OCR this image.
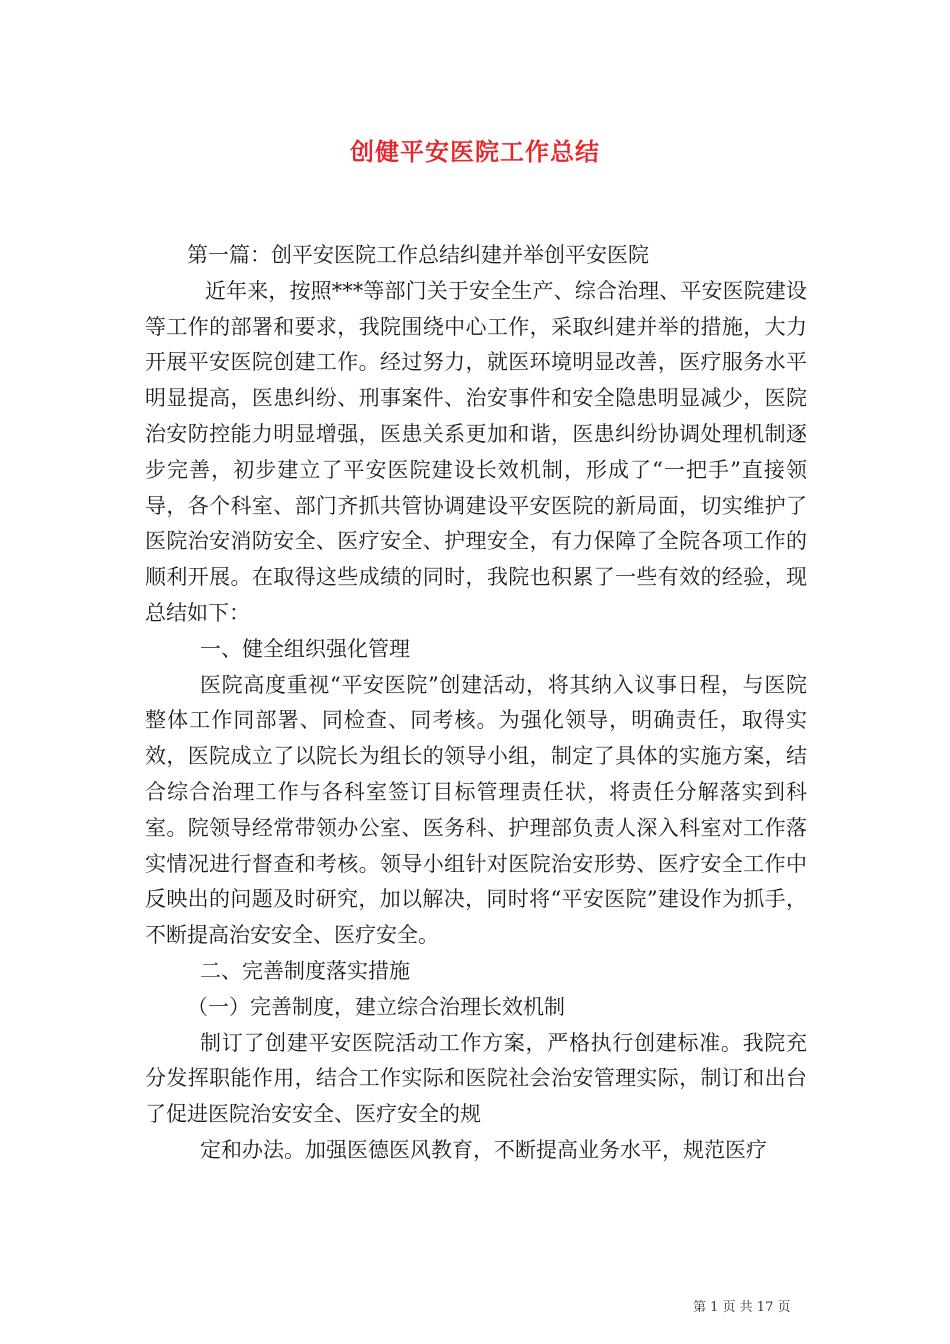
创健平安医院工作总结

第一篇：创平安医院工作总结纠建并举创平安医院

近年来，按照***等部门关于安全生产、综合治理、平安医院建设等工作的部署和要求，我院围绕中心工作，采取纠建并举的措施，大力开展平安医院创建工作。经过努力，就医环境明显改善，医疗服务水平明显提高，医患纠纷、刑事案件、治安事件和安全隐患明显减少，医院治安防控能力明显增强，医患关系更加和谐，医患纠纷协调处理机制逐步完善，初步建立了平安医院建设长效机制，形成了“一把手”直接领导，各个科室、部门齐抓共管协调建设平安医院的新局面，切实维护了医院治安消防安全、医疗安全、护理安全，有力保障了全院各项工作的顺利开展。在取得这些成绩的同时，我院也积累了一些有效的经验，现总结如下：

一、健全组织强化管理

医院高度重视“平安医院”创建活动，将其纳入议事日程，与医院整体工作同部署、同检查、同考核。为强化领导，明确责任，取得实效，医院成立了以院长为组长的领导小组，制定了具体的实施方案，结合综合治理工作与各科室签订目标管理责任状，将责任分解落实到科室。院领导经常带领办公室、医务科、护理部负责人深入科室对工作落实情况进行督查和考核。领导小组针对医院治安形势、医疗安全工作中反映出的问题及时研究，加以解决，同时将“平安医院”建设作为抓手，不断提高治安安全、医疗安全。

二、完善制度落实措施

（一）完善制度，建立综合治理长效机制

制订了创建平安医院活动工作方案，严格执行创建标准。我院充分发挥职能作用，结合工作实际和医院社会治安管理实际，制订和出台了促进医院治安安全、医疗安全的规

定和办法。加强医德医风教育，不断提高业务水平，规范医疗

第 1 页 共 17 页
